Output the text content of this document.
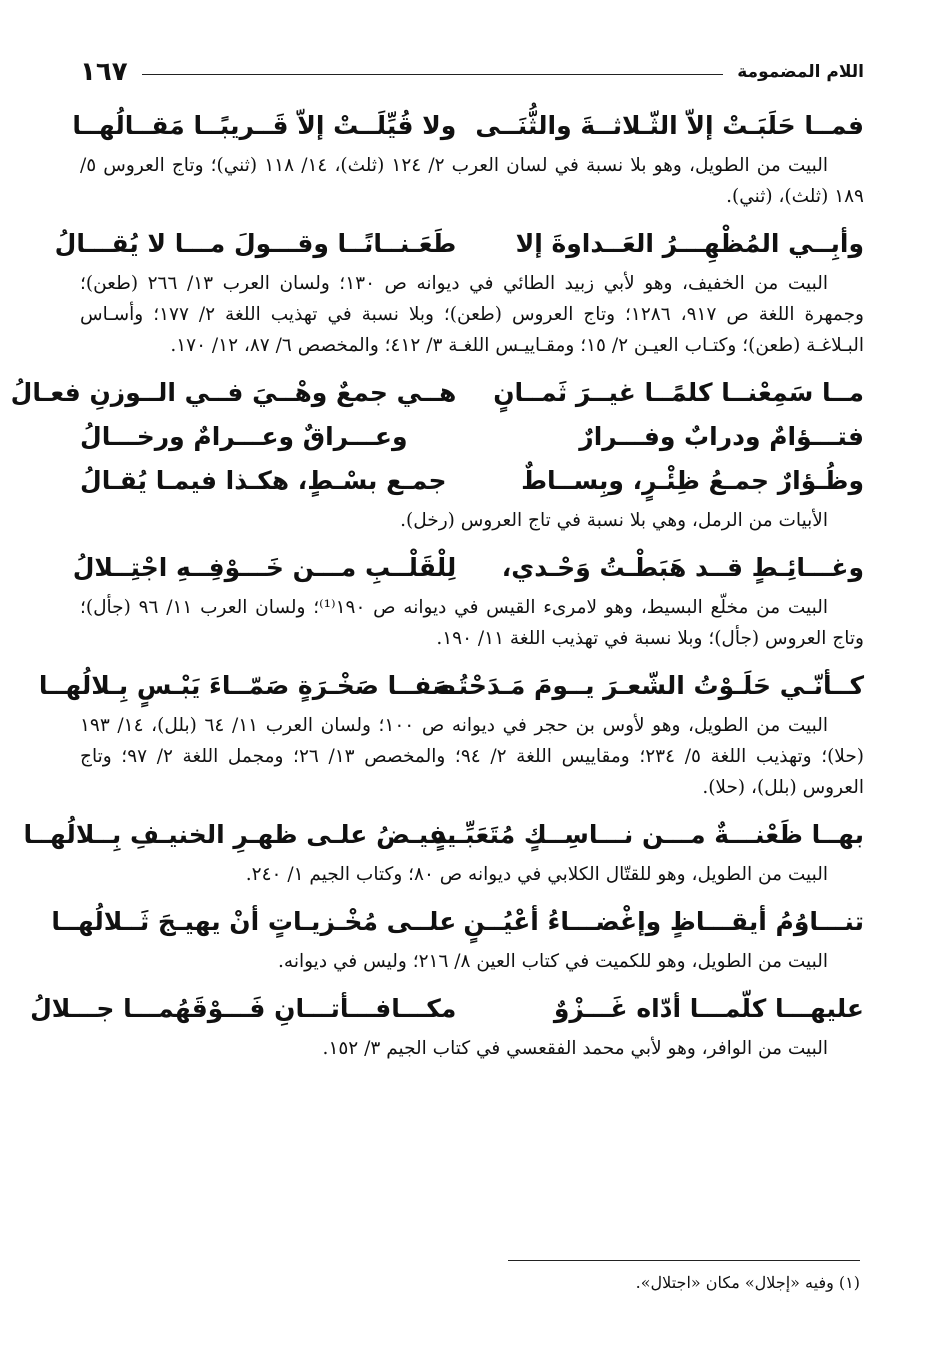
اللام المضمومة
١٦٧
فمــا حَلَبَـتْ إلاّ الثّـلاثــةَ والثُّنَــى
ولا قُيِّلَــتْ إلاّ قَــريبًــا مَقــالُهــا

البيت من الطويل، وهو بلا نسبة في لسان العرب ٢/ ١٢٤ (ثلث)، ١٤/ ١١٨ (ثني)؛ وتاج العروس ٥/ ١٨٩ (ثلث)، (ثني).

وأبِــي المُظْهِـــرُ العَــداوةَ إلا
طَعَـنــانًــا وقـــولَ مـــا لا يُقـــالُ

البيت من الخفيف، وهو لأبي زبيد الطائي في ديوانه ص ١٣٠؛ ولسان العرب ١٣/ ٢٦٦ (طعن)؛ وجمهرة اللغة ص ٩١٧، ١٢٨٦؛ وتاج العروس (طعن)؛ وبلا نسبة في تهذيب اللغة ٢/ ١٧٧؛ وأسـاس البـلاغـة (طعن)؛ وكتـاب العيـن ٢/ ١٥؛ ومقـاييـس اللغـة ٣/ ٤١٢؛ والمخصص ٦/ ٨٧، ١٢/ ١٧٠.

مــا سَمِعْنــا كلمًــا غيــرَ ثَمــانٍ
هــي جمعٌ وهْــيَ فــي الــوزنِ فعـالُ
فتـــؤامٌ ودرابٌ وفـــرارٌ
وعـــراقٌ وعـــرامٌ ورخـــالُ
وظُـؤارٌ جمـعُ ظِئْـرٍ، وبِســاطٌ
جمـع بسْـطٍ، هكـذا فيمـا يُقـالُ

الأبيات من الرمل، وهي بلا نسبة في تاج العروس (رخل).

وغـــائِـطٍ قــد هَبَطْـتُ وَحْـدي،
لِلْقَلْــبِ مـــن خَـــوْفِــهِ اجْتِــلالُ

البيت من مخلّع البسيط، وهو لامرىء القيس في ديوانه ص ١٩٠⁽¹⁾؛ ولسان العرب ١١/ ٩٦ (جأل)؛ وتاج العروس (جأل)؛ وبلا نسبة في تهذيب اللغة ١١/ ١٩٠.

كــأنّـي حَلَـوْتُ الشّعـرَ يــومَ مَـدَحْتُـه
صَفــا صَخْـرَةٍ صَمّــاءَ يَبْـسٍ بِـلالُهــا

البيت من الطويل، وهو لأوس بن حجر في ديوانه ص ١٠٠؛ ولسان العرب ١١/ ٦٤ (بلل)، ١٤/ ١٩٣ (حلا)؛ وتهذيب اللغة ٥/ ٢٣٤؛ ومقاييس اللغة ٢/ ٩٤؛ والمخصص ١٣/ ٢٦؛ ومجمل اللغة ٢/ ٩٧؛ وتاج العروس (بلل)، (حلا).

بهــا ظَعْنـــةٌ مـــن نـــاسِــكٍ مُتَعَبِّــدٍ
يفيـضُ علـى ظهـرِ الخنيـفِ بِــلالُهــا

البيت من الطويل، وهو للقتّال الكلابي في ديوانه ص ٨٠؛ وكتاب الجيم ١/ ٢٤٠.

تنـــاوُمُ أيقـــاظٍ وإغْضـــاءُ أعْيُــنٍ
علــى مُخْـزيـاتٍ أنْ يهيـجَ ثَــلالُهــا

البيت من الطويل، وهو للكميت في كتاب العين ٨/ ٢١٦؛ وليس في ديوانه.

عليهـــا كلّمـــا أدّاه غَـــزْوٌ
مكـــافـــأتـــانِ فَـــوْقَهُمـــا جـــلالُ

البيت من الوافر، وهو لأبي محمد الفقعسي في كتاب الجيم ٣/ ١٥٢.

(١) وفيه «إجلال» مكان «اجتلال».
